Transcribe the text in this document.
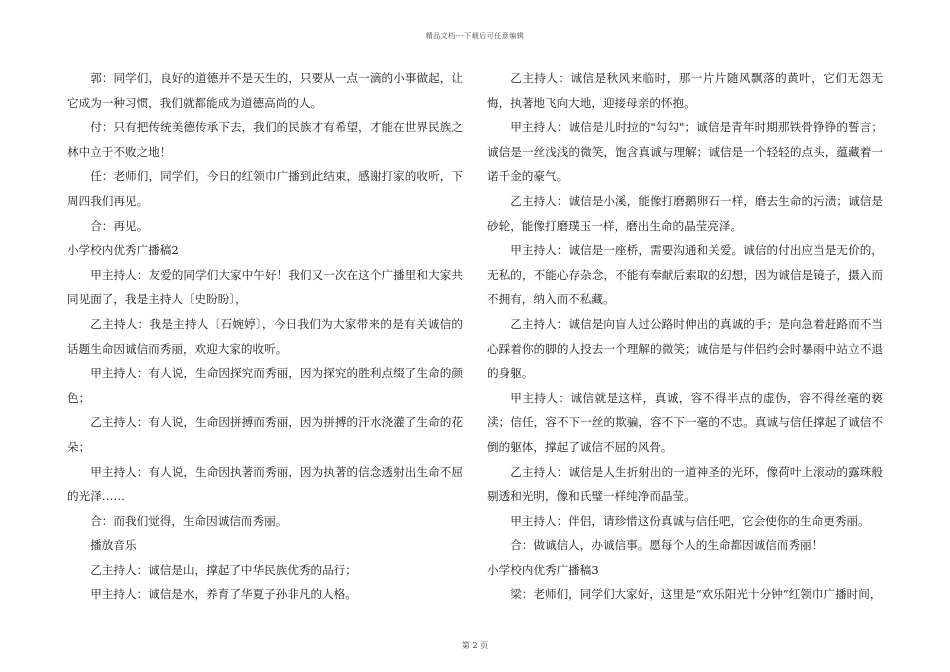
精品文档---下载后可任意编辑

郭：同学们，良好的道德并不是天生的，只要从一点一滴的小事做起，让它成为一种习惯，我们就都能成为道德高尚的人。

付：只有把传统美德传承下去，我们的民族才有希望，才能在世界民族之林中立于不败之地！

任：老师们，同学们，今日的红领巾广播到此结束，感谢打家的收听，下周四我们再见。

合：再见。

小学校内优秀广播稿2

甲主持人：友爱的同学们大家中午好！我们又一次在这个广播里和大家共同见面了，我是主持人〔史盼盼〕，

乙主持人：我是主持人〔石婉婷〕，今日我们为大家带来的是有关诚信的话题生命因诚信而秀丽，欢迎大家的收听。

甲主持人：有人说，生命因探究而秀丽，因为探究的胜利点缀了生命的颜色；

乙主持人：有人说，生命因拼搏而秀丽，因为拼搏的汗水浇灌了生命的花朵；

甲主持人：有人说，生命因执著而秀丽，因为执著的信念透射出生命不屈的光泽……

合：而我们觉得，生命因诚信而秀丽。

播放音乐

乙主持人：诚信是山，撑起了中华民族优秀的品行；

甲主持人：诚信是水，养育了华夏子孙非凡的人格。

乙主持人：诚信是秋风来临时，那一片片随风飘落的黄叶，它们无怨无悔，执著地飞向大地，迎接母亲的怀抱。

甲主持人：诚信是儿时拉的"勾勾"；诚信是青年时期那铁骨铮铮的誓言；诚信是一丝浅浅的微笑，饱含真诚与理解；诚信是一个轻轻的点头，蕴藏着一诺千金的豪气。

乙主持人：诚信是小溪，能像打磨鹅卵石一样，磨去生命的污渍；诚信是砂轮，能像打磨璞玉一样，磨出生命的晶莹亮泽。

甲主持人：诚信是一座桥，需要沟通和关爱。诚信的付出应当是无价的，无私的，不能心存杂念，不能有奉献后索取的幻想，因为诚信是镜子，摄入而不拥有，纳入而不私藏。

乙主持人：诚信是向盲人过公路时伸出的真诚的手；是向急着赶路而不当心踩着你的脚的人投去一个理解的微笑；诚信是与伴侣约会时暴雨中站立不退的身躯。

甲主持人：诚信就是这样，真诚，容不得半点的虚伪，容不得丝毫的亵渎；信任，容不下一丝的欺骗，容不下一毫的不忠。真诚与信任撑起了诚信不倒的躯体，撑起了诚信不屈的风骨。

乙主持人：诚信是人生折射出的一道神圣的光环，像荷叶上滚动的露珠般剔透和光明，像和氏璧一样纯净而晶莹。

甲主持人：伴侣，请珍惜这份真诚与信任吧，它会使你的生命更秀丽。

合：做诚信人，办诚信事。愿每个人的生命都因诚信而秀丽！

小学校内优秀广播稿3

梁：老师们，同学们大家好，这里是“欢乐阳光十分钟”红领巾广播时间，

第 2 页
